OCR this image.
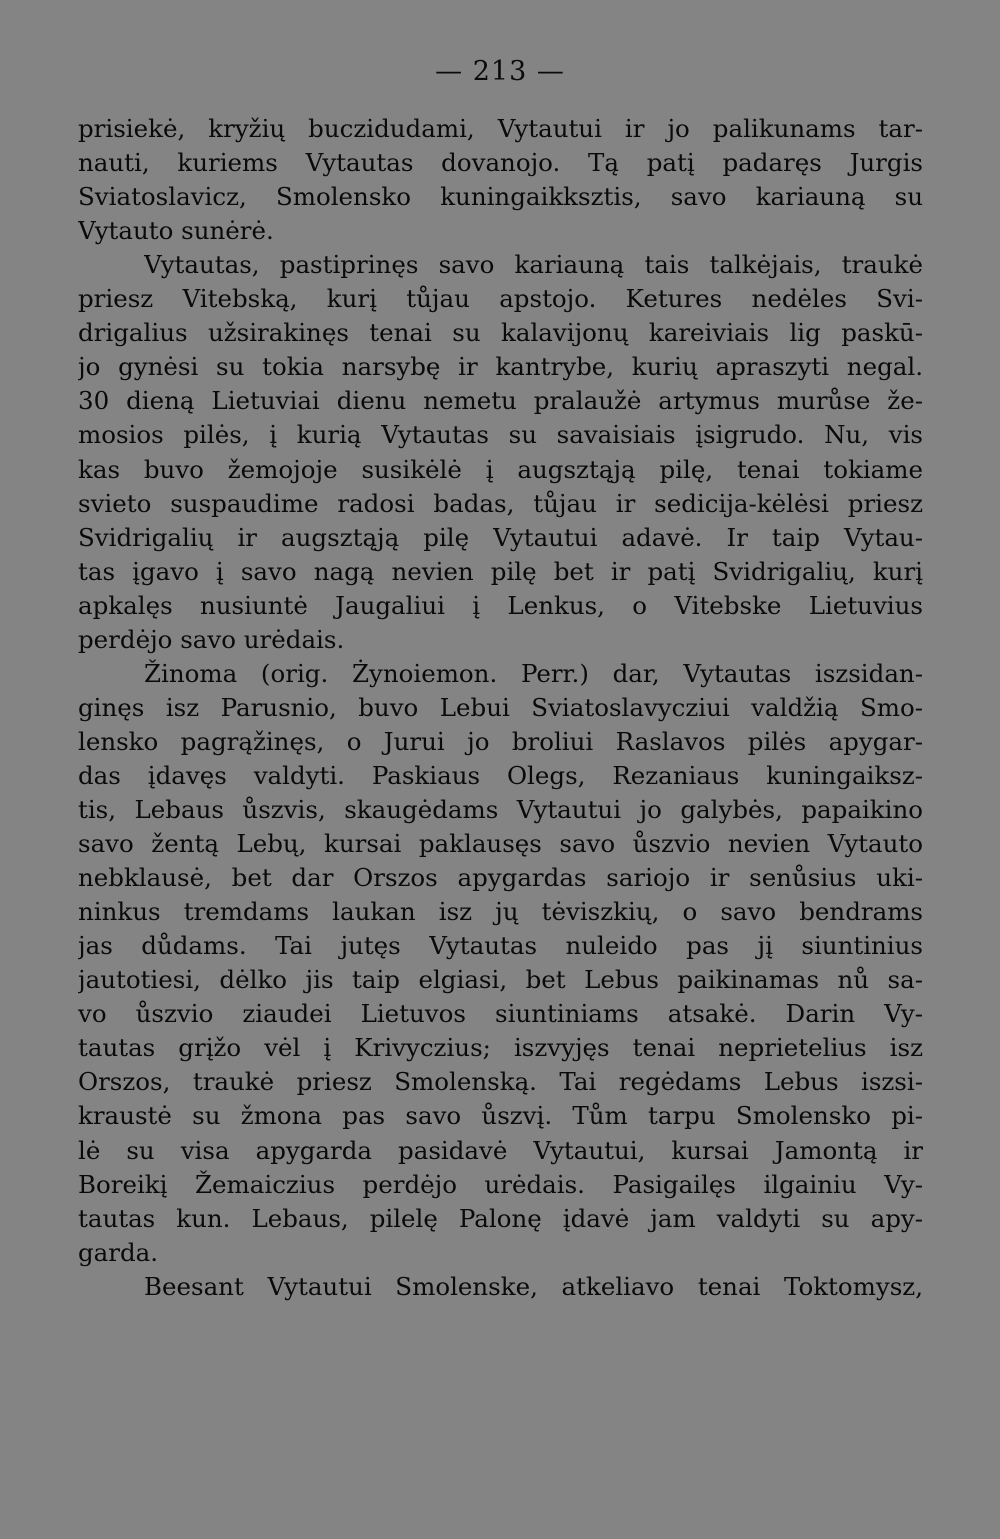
— 213 —
prisiekė, kryžių buczidudami, Vytautui ir jo palikunams tar-
nauti, kuriems Vytautas dovanojo. Tą patį padaręs Jurgis
Sviatoslavicz, Smolensko kuningaikksztis, savo kariauną su
Vytauto sunėrė.
Vytautas, pastiprinęs savo kariauną tais talkėjais, traukė
priesz Vitebską, kurį tůjau apstojo. Ketures nedėles Svi-
drigalius užsirakinęs tenai su kalavijonų kareiviais lig paskū-
jo gynėsi su tokia narsybę ir kantrybe, kurių apraszyti negal.
30 dieną Lietuviai dienu nemetu pralaužė artymus murůse že-
mosios pilės, į kurią Vytautas su savaisiais įsigrudo. Nu, vis
kas buvo žemojoje susikėlė į augsztąją pilę, tenai tokiame
svieto suspaudime radosi badas, tůjau ir sedicija-kėlėsi priesz
Svidrigalių ir augsztąją pilę Vytautui adavė. Ir taip Vytau-
tas įgavo į savo nagą nevien pilę bet ir patį Svidrigalių, kurį
apkalęs nusiuntė Jaugaliui į Lenkus, o Vitebske Lietuvius
perdėjo savo urėdais.
Žinoma (orig. Żynoiemon. Perr.) dar, Vytautas iszsidan-
ginęs isz Parusnio, buvo Lebui Sviatoslavycziui valdžią Smo-
lensko pagrąžinęs, o Jurui jo broliui Raslavos pilės apygar-
das įdavęs valdyti. Paskiaus Olegs, Rezaniaus kuningaiksz-
tis, Lebaus ůszvis, skaugėdams Vytautui jo galybės, papaikino
savo žentą Lebų, kursai paklausęs savo ůszvio nevien Vytauto
nebklausė, bet dar Orszos apygardas sariojo ir senůsius uki-
ninkus tremdams laukan isz jų tėviszkių, o savo bendrams
jas důdams. Tai jutęs Vytautas nuleido pas jį siuntinius
jautotiesi, dėlko jis taip elgiasi, bet Lebus paikinamas nů sa-
vo ůszvio ziaudei Lietuvos siuntiniams atsakė. Darin Vy-
tautas grįžo vėl į Krivyczius; iszvyjęs tenai neprietelius isz
Orszos, traukė priesz Smolenską. Tai regėdams Lebus iszsi-
kraustė su žmona pas savo ůszvį. Tům tarpu Smolensko pi-
lė su visa apygarda pasidavė Vytautui, kursai Jamontą ir
Boreikį Žemaiczius perdėjo urėdais. Pasigailęs ilgainiu Vy-
tautas kun. Lebaus, pilelę Palonę įdavė jam valdyti su apy-
garda.
Beesant Vytautui Smolenske, atkeliavo tenai Toktomysz,
